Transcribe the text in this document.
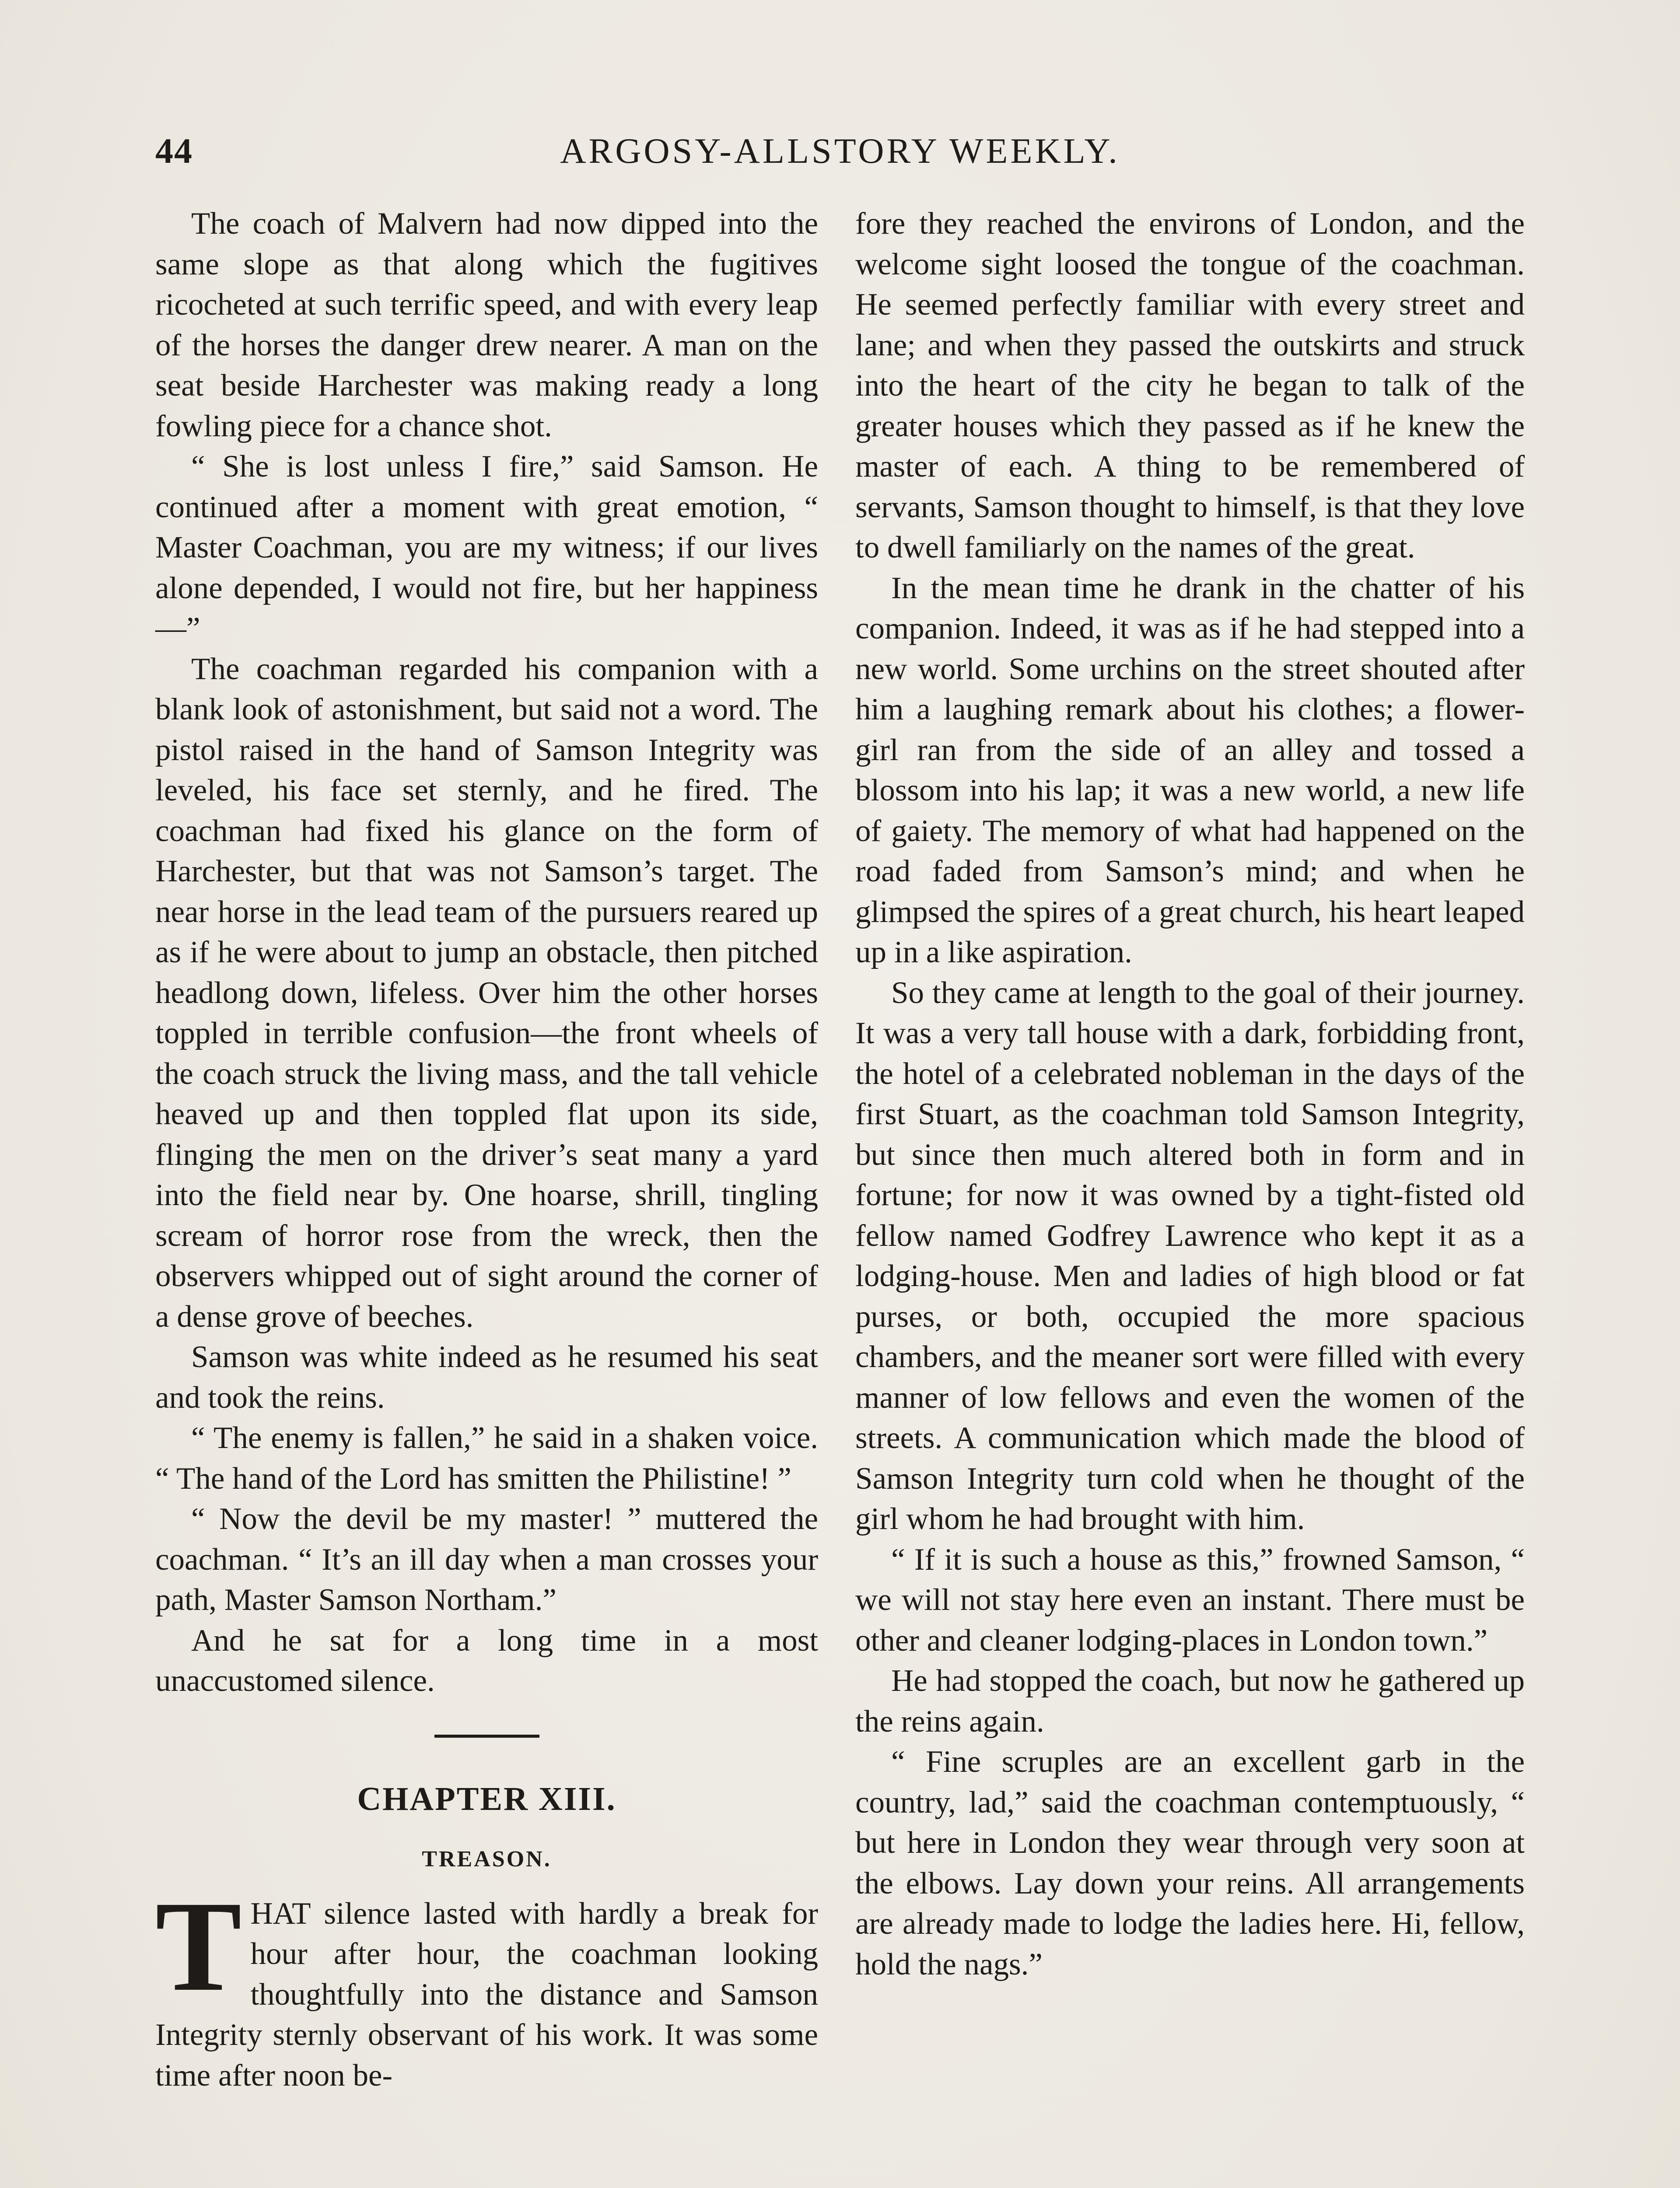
44	ARGOSY-ALLSTORY WEEKLY.

The coach of Malvern had now dipped into the same slope as that along which the fugitives ricocheted at such terrific speed, and with every leap of the horses the danger drew nearer. A man on the seat beside Harchester was making ready a long fowling piece for a chance shot.

“ She is lost unless I fire,” said Samson. He continued after a moment with great emotion, “ Master Coachman, you are my witness; if our lives alone depended, I would not fire, but her happiness—”

The coachman regarded his companion with a blank look of astonishment, but said not a word. The pistol raised in the hand of Samson Integrity was leveled, his face set sternly, and he fired. The coachman had fixed his glance on the form of Harchester, but that was not Samson’s target. The near horse in the lead team of the pursuers reared up as if he were about to jump an obstacle, then pitched headlong down, lifeless. Over him the other horses toppled in terrible confusion—the front wheels of the coach struck the living mass, and the tall vehicle heaved up and then toppled flat upon its side, flinging the men on the driver’s seat many a yard into the field near by. One hoarse, shrill, tingling scream of horror rose from the wreck, then the observers whipped out of sight around the corner of a dense grove of beeches.

Samson was white indeed as he resumed his seat and took the reins.

“ The enemy is fallen,” he said in a shaken voice. “ The hand of the Lord has smitten the Philistine! ”

“ Now the devil be my master! ” muttered the coachman. “ It’s an ill day when a man crosses your path, Master Samson Northam.”

And he sat for a long time in a most unaccustomed silence.

CHAPTER XIII.
TREASON.

THAT silence lasted with hardly a break for hour after hour, the coachman looking thoughtfully into the distance and Samson Integrity sternly observant of his work. It was some time after noon be-

fore they reached the environs of London, and the welcome sight loosed the tongue of the coachman. He seemed perfectly familiar with every street and lane; and when they passed the outskirts and struck into the heart of the city he began to talk of the greater houses which they passed as if he knew the master of each. A thing to be remembered of servants, Samson thought to himself, is that they love to dwell familiarly on the names of the great.

In the mean time he drank in the chatter of his companion. Indeed, it was as if he had stepped into a new world. Some urchins on the street shouted after him a laughing remark about his clothes; a flower-girl ran from the side of an alley and tossed a blossom into his lap; it was a new world, a new life of gaiety. The memory of what had happened on the road faded from Samson’s mind; and when he glimpsed the spires of a great church, his heart leaped up in a like aspiration.

So they came at length to the goal of their journey. It was a very tall house with a dark, forbidding front, the hotel of a celebrated nobleman in the days of the first Stuart, as the coachman told Samson Integrity, but since then much altered both in form and in fortune; for now it was owned by a tight-fisted old fellow named Godfrey Lawrence who kept it as a lodging-house. Men and ladies of high blood or fat purses, or both, occupied the more spacious chambers, and the meaner sort were filled with every manner of low fellows and even the women of the streets. A communication which made the blood of Samson Integrity turn cold when he thought of the girl whom he had brought with him.

“ If it is such a house as this,” frowned Samson, “ we will not stay here even an instant. There must be other and cleaner lodging-places in London town.”

He had stopped the coach, but now he gathered up the reins again.

“ Fine scruples are an excellent garb in the country, lad,” said the coachman contemptuously, “ but here in London they wear through very soon at the elbows. Lay down your reins. All arrangements are already made to lodge the ladies here. Hi, fellow, hold the nags.”
